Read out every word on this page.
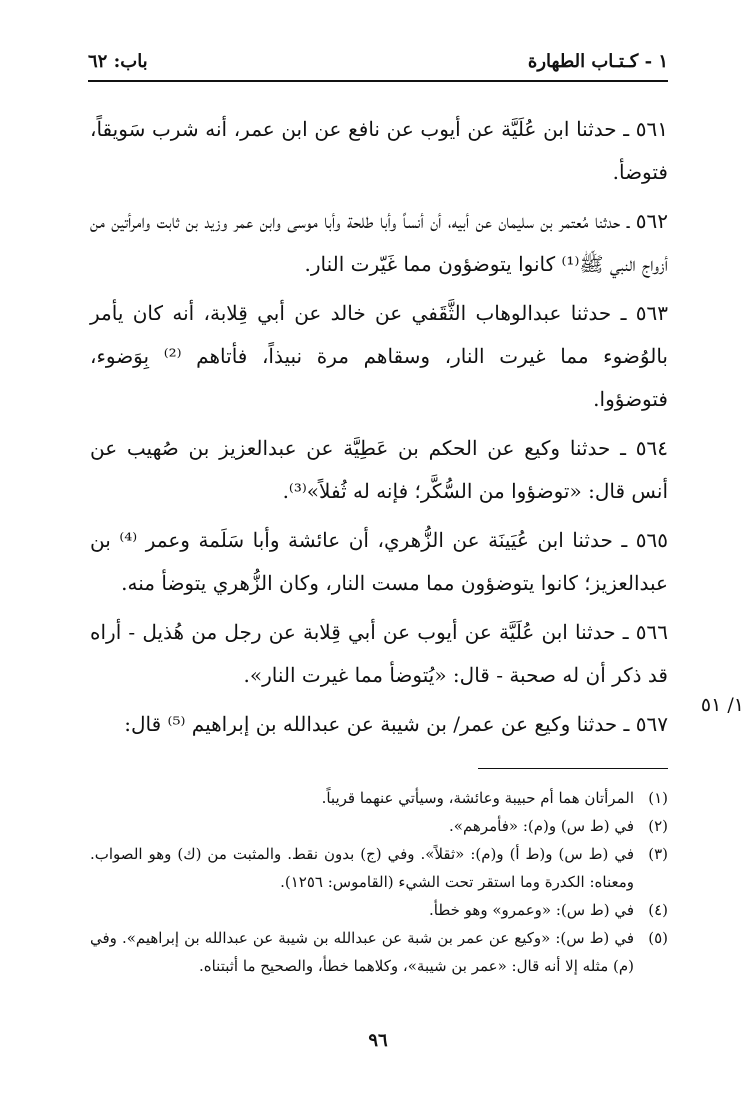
١ - كـتـاب الطهارة
باب: ٦٢

٥٦١ ـ حدثنا ابن عُلَيَّة عن أيوب عن نافع عن ابن عمر، أنه شرب سَويقاً، فتوضأ.

٥٦٢ ـ حدثنا مُعتمر بن سليمان عن أبيه، أن أنساً وأبا طلحة وأبا موسى وابن عمر وزيد بن ثابت وامرأتين من أزواج النبي ﷺ⁽¹⁾ كانوا يتوضؤون مما غَيّرت النار.

٥٦٣ ـ حدثنا عبدالوهاب الثَّقَفي عن خالد عن أبي قِلابة، أنه كان يأمر بالوُضوء مما غيرت النار، وسقاهم مرة نبيذاً، فأتاهم ⁽²⁾ بِوَضوء، فتوضؤوا.

٥٦٤ ـ حدثنا وكيع عن الحكم بن عَطِيَّة عن عبدالعزيز بن صُهيب عن أنس قال: «توضؤوا من السُّكَّر؛ فإنه له ثُفلاً»⁽³⁾.

٥٦٥ ـ حدثنا ابن عُيَينَة عن الزُّهري، أن عائشة وأبا سَلَمة وعمر ⁽⁴⁾ بن عبدالعزيز؛ كانوا يتوضؤون مما مست النار، وكان الزُّهري يتوضأ منه.

٥٦٦ ـ حدثنا ابن عُلَيَّة عن أيوب عن أبي قِلابة عن رجل من هُذيل - أراه قد ذكر أن له صحبة - قال: «يُتوضأ مما غيرت النار».

٥٦٧ ـ حدثنا وكيع عن عمر/ بن شيبة عن عبدالله بن إبراهيم ⁽⁵⁾ قال:

١/ ٥١
(١)
المرأتان هما أم حبيبة وعائشة، وسيأتي عنهما قريباً.
(٢)
في (ط س) و(م): «فأمرهم».
(٣)
في (ط س) و(ط أ) و(م): «ثقلاً». وفي (ج) بدون نقط. والمثبت من (ك) وهو الصواب. ومعناه: الكدرة وما استقر تحت الشيء (القاموس: ١٢٥٦).
(٤)
في (ط س): «وعمرو» وهو خطأ.
(٥)
في (ط س): «وكيع عن عمر بن شبة عن عبدالله بن شيبة عن عبدالله بن إبراهيم». وفي (م) مثله إلا أنه قال: «عمر بن شيبة»، وكلاهما خطأ، والصحيح ما أثبتناه.
٩٦
